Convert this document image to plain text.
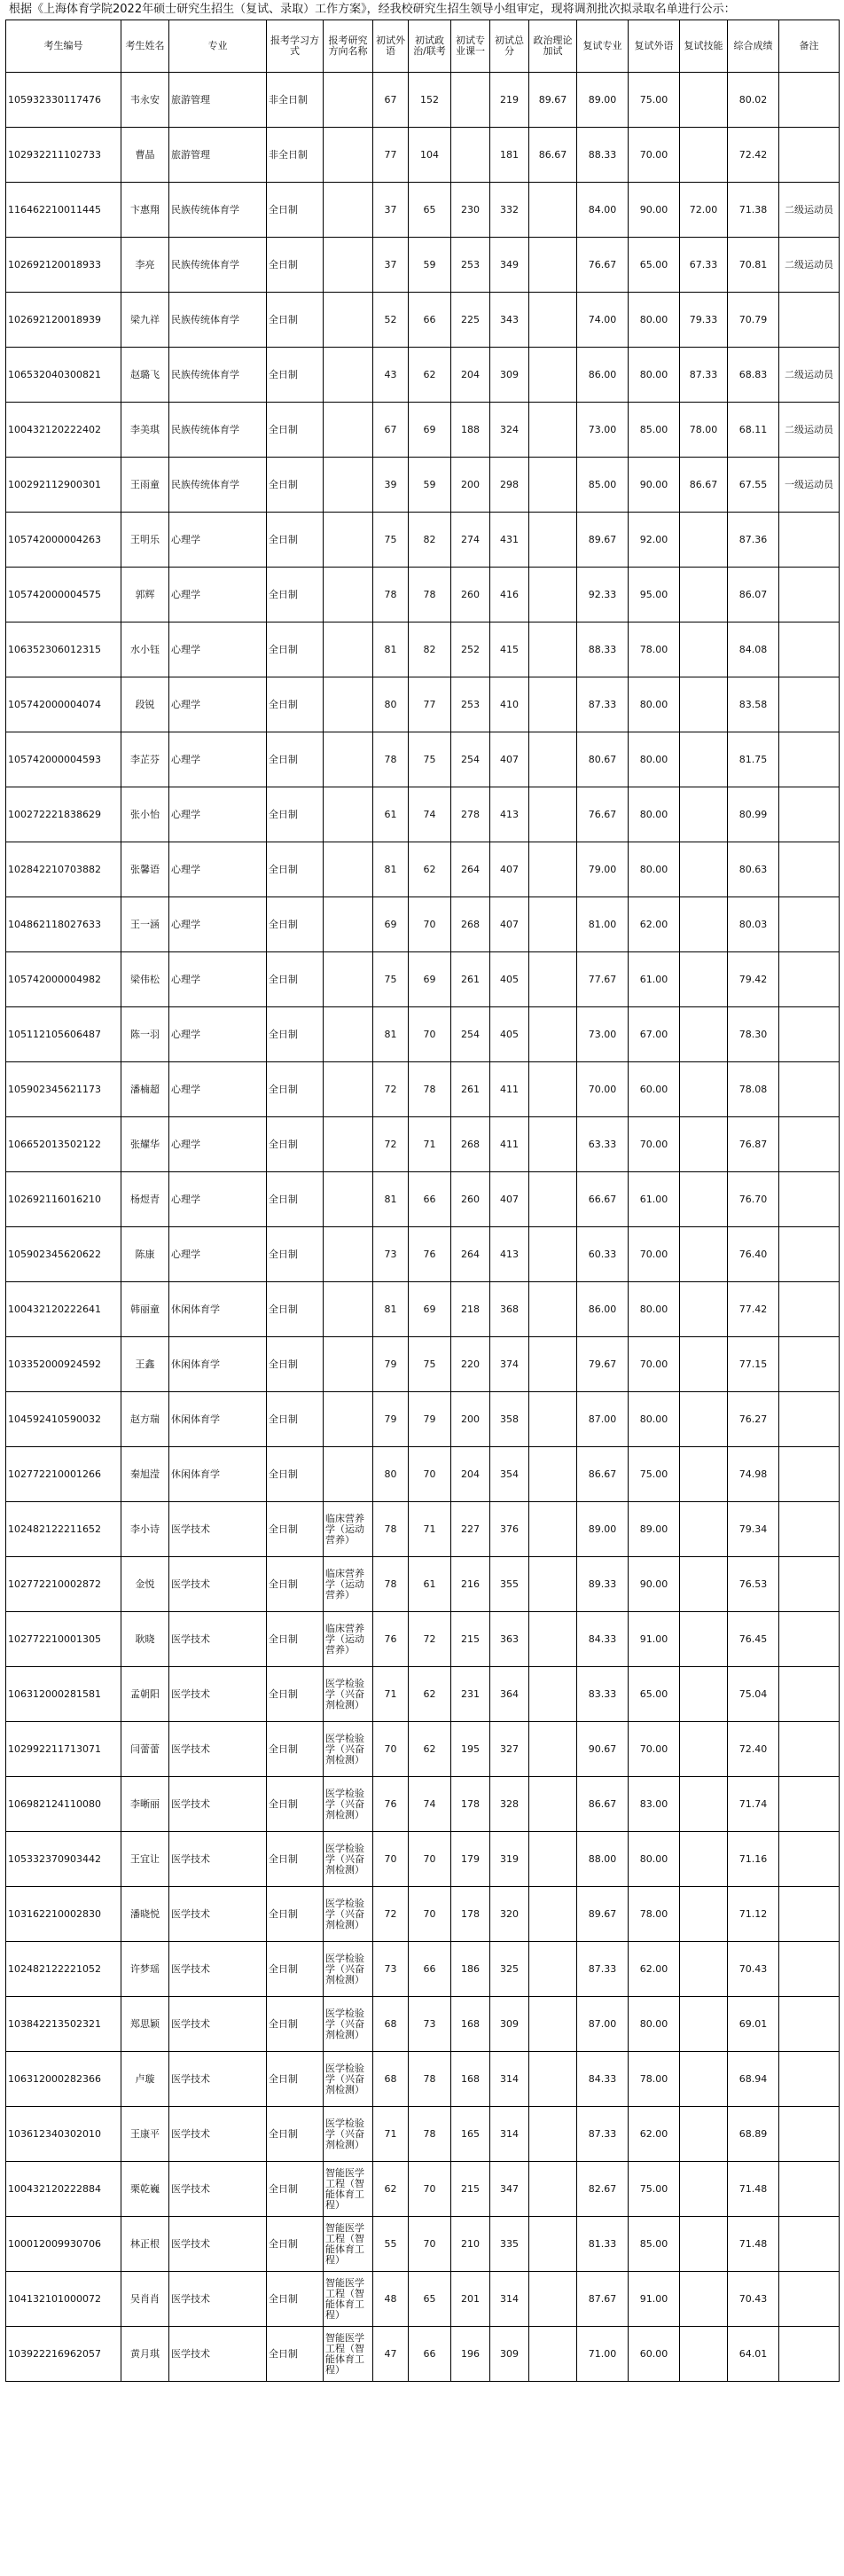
根据《上海体育学院2022年硕士研究生招生（复试、录取）工作方案》，经我校研究生招生领导小组审定，现将调剂批次拟录取名单进行公示：
考生编号	考生姓名	专业	报考学习方式	报考研究方向名称	初试外语	初试政治/联考	初试专业课一	初试总分	政治理论加试	复试专业	复试外语	复试技能	综合成绩	备注
105932330117476	韦永安	旅游管理	非全日制		67	152		219	89.67	89.00	75.00		80.02	
102932211102733	曹晶	旅游管理	非全日制		77	104		181	86.67	88.33	70.00		72.42	
116462210011445	卞惠翔	民族传统体育学	全日制		37	65	230	332		84.00	90.00	72.00	71.38	二级运动员
102692120018933	李亮	民族传统体育学	全日制		37	59	253	349		76.67	65.00	67.33	70.81	二级运动员
102692120018939	梁九祥	民族传统体育学	全日制		52	66	225	343		74.00	80.00	79.33	70.79	
106532040300821	赵璐飞	民族传统体育学	全日制		43	62	204	309		86.00	80.00	87.33	68.83	二级运动员
100432120222402	李美琪	民族传统体育学	全日制		67	69	188	324		73.00	85.00	78.00	68.11	二级运动员
100292112900301	王雨童	民族传统体育学	全日制		39	59	200	298		85.00	90.00	86.67	67.55	一级运动员
105742000004263	王明乐	心理学	全日制		75	82	274	431		89.67	92.00		87.36	
105742000004575	郭辉	心理学	全日制		78	78	260	416		92.33	95.00		86.07	
106352306012315	水小钰	心理学	全日制		81	82	252	415		88.33	78.00		84.08	
105742000004074	段锐	心理学	全日制		80	77	253	410		87.33	80.00		83.58	
105742000004593	李芷芬	心理学	全日制		78	75	254	407		80.67	80.00		81.75	
100272221838629	张小怡	心理学	全日制		61	74	278	413		76.67	80.00		80.99	
102842210703882	张馨语	心理学	全日制		81	62	264	407		79.00	80.00		80.63	
104862118027633	王一涵	心理学	全日制		69	70	268	407		81.00	62.00		80.03	
105742000004982	梁伟松	心理学	全日制		75	69	261	405		77.67	61.00		79.42	
105112105606487	陈一羽	心理学	全日制		81	70	254	405		73.00	67.00		78.30	
105902345621173	潘楠超	心理学	全日制		72	78	261	411		70.00	60.00		78.08	
106652013502122	张耀华	心理学	全日制		72	71	268	411		63.33	70.00		76.87	
102692116016210	杨煜青	心理学	全日制		81	66	260	407		66.67	61.00		76.70	
105902345620622	陈康	心理学	全日制		73	76	264	413		60.33	70.00		76.40	
100432120222641	韩丽童	休闲体育学	全日制		81	69	218	368		86.00	80.00		77.42	
103352000924592	王鑫	休闲体育学	全日制		79	75	220	374		79.67	70.00		77.15	
104592410590032	赵方瑞	休闲体育学	全日制		79	79	200	358		87.00	80.00		76.27	
102772210001266	秦旭滢	休闲体育学	全日制		80	70	204	354		86.67	75.00		74.98	
102482122211652	李小诗	医学技术	全日制	临床营养学（运动营养）	78	71	227	376		89.00	89.00		79.34	
102772210002872	金悦	医学技术	全日制	临床营养学（运动营养）	78	61	216	355		89.33	90.00		76.53	
102772210001305	耿晓	医学技术	全日制	临床营养学（运动营养）	76	72	215	363		84.33	91.00		76.45	
106312000281581	孟朝阳	医学技术	全日制	医学检验学（兴奋剂检测）	71	62	231	364		83.33	65.00		75.04	
102992211713071	闫蕾蕾	医学技术	全日制	医学检验学（兴奋剂检测）	70	62	195	327		90.67	70.00		72.40	
106982124110080	李晰丽	医学技术	全日制	医学检验学（兴奋剂检测）	76	74	178	328		86.67	83.00		71.74	
105332370903442	王宜让	医学技术	全日制	医学检验学（兴奋剂检测）	70	70	179	319		88.00	80.00		71.16	
103162210002830	潘晓悦	医学技术	全日制	医学检验学（兴奋剂检测）	72	70	178	320		89.67	78.00		71.12	
102482122221052	许梦瑶	医学技术	全日制	医学检验学（兴奋剂检测）	73	66	186	325		87.33	62.00		70.43	
103842213502321	郑思颖	医学技术	全日制	医学检验学（兴奋剂检测）	68	73	168	309		87.00	80.00		69.01	
106312000282366	卢璇	医学技术	全日制	医学检验学（兴奋剂检测）	68	78	168	314		84.33	78.00		68.94	
103612340302010	王康平	医学技术	全日制	医学检验学（兴奋剂检测）	71	78	165	314		87.33	62.00		68.89	
100432120222884	栗乾巍	医学技术	全日制	智能医学工程（智能体育工程）	62	70	215	347		82.67	75.00		71.48	
100012009930706	林正根	医学技术	全日制	智能医学工程（智能体育工程）	55	70	210	335		81.33	85.00		71.48	
104132101000072	吴肖肖	医学技术	全日制	智能医学工程（智能体育工程）	48	65	201	314		87.67	91.00		70.43	
103922216962057	黄月琪	医学技术	全日制	智能医学工程（智能体育工程）	47	66	196	309		71.00	60.00		64.01	
